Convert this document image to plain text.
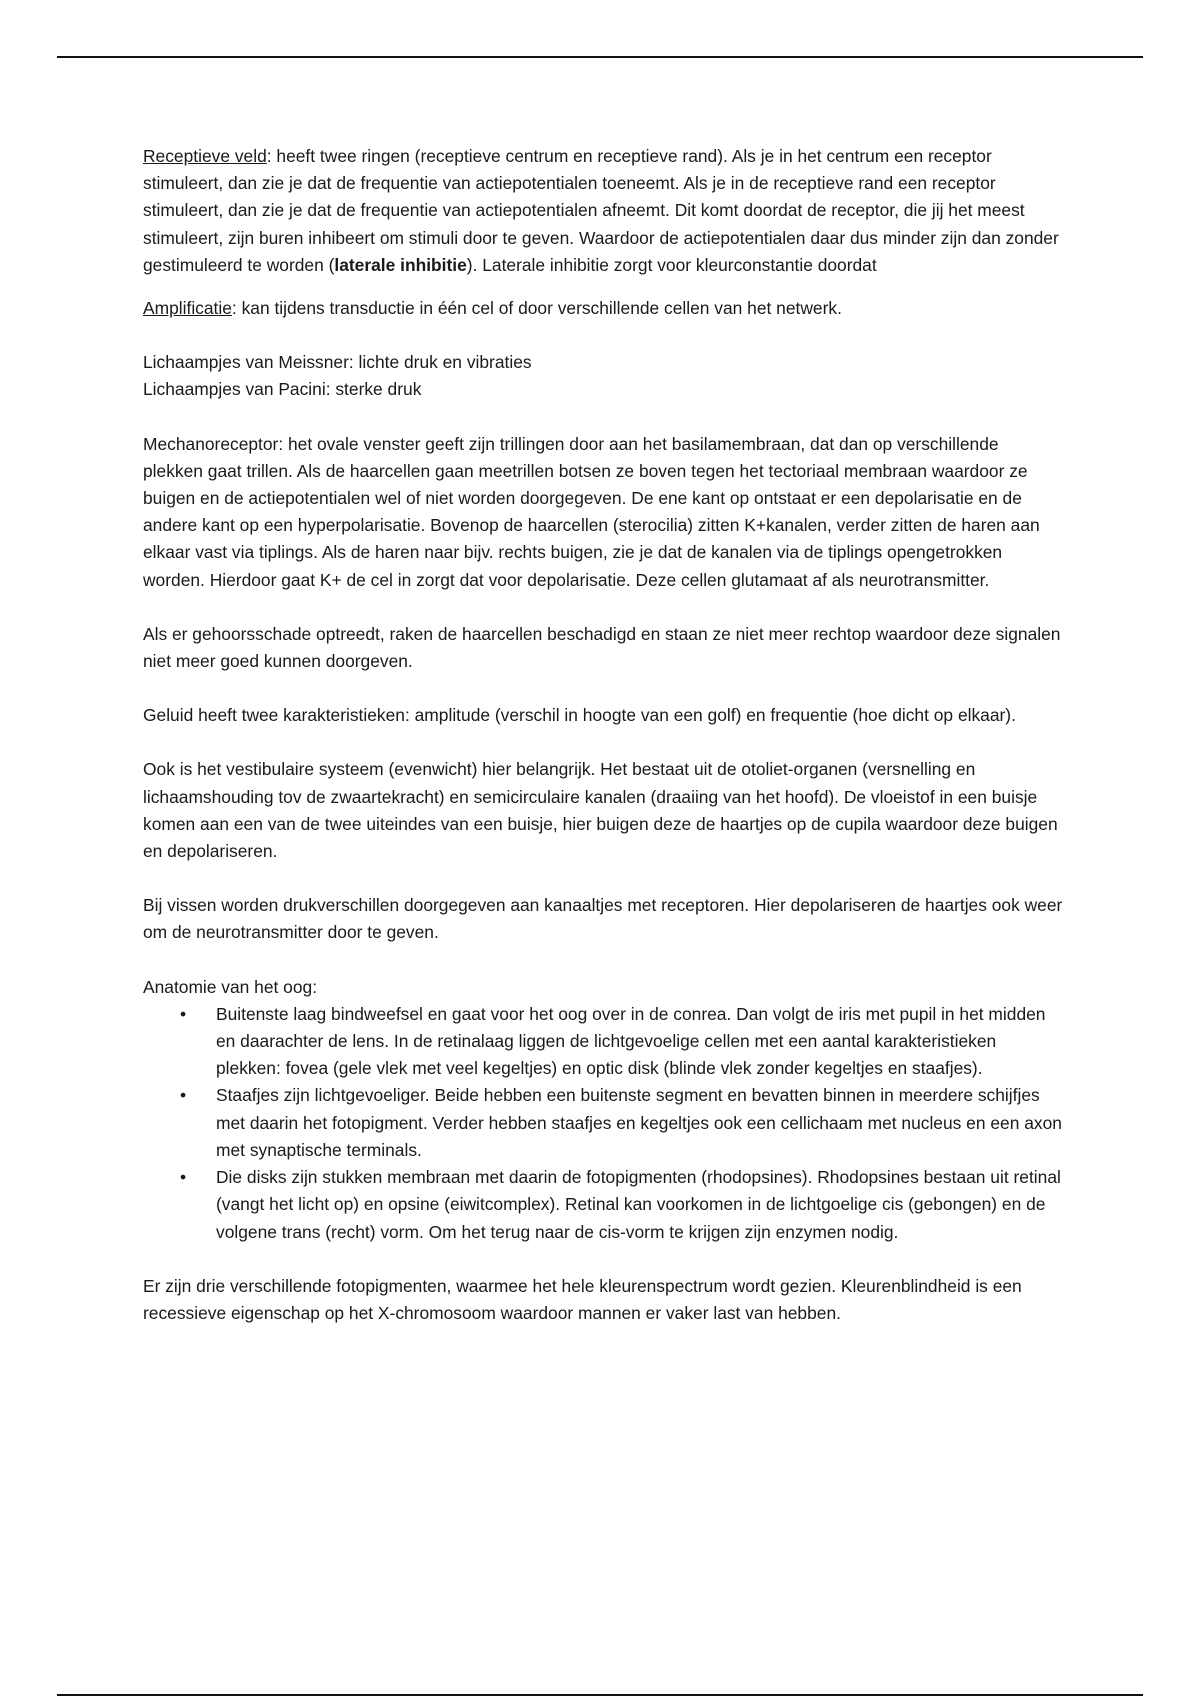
Receptieve veld: heeft twee ringen (receptieve centrum en receptieve rand). Als je in het centrum een receptor stimuleert, dan zie je dat de frequentie van actiepotentialen toeneemt. Als je in de receptieve rand een receptor stimuleert, dan zie je dat de frequentie van actiepotentialen afneemt. Dit komt doordat de receptor, die jij het meest stimuleert, zijn buren inhibeert om stimuli door te geven. Waardoor de actiepotentialen daar dus minder zijn dan zonder gestimuleerd te worden (laterale inhibitie). Laterale inhibitie zorgt voor kleurconstantie doordat

Amplificatie: kan tijdens transductie in één cel of door verschillende cellen van het netwerk.

Lichaampjes van Meissner: lichte druk en vibraties

Lichaampjes van Pacini: sterke druk

Mechanoreceptor: het ovale venster geeft zijn trillingen door aan het basilamembraan, dat dan op verschillende plekken gaat trillen. Als de haarcellen gaan meetrillen botsen ze boven tegen het tectoriaal membraan waardoor ze buigen en de actiepotentialen wel of niet worden doorgegeven. De ene kant op ontstaat er een depolarisatie en de andere kant op een hyperpolarisatie. Bovenop de haarcellen (sterocilia) zitten K+kanalen, verder zitten de haren aan elkaar vast via tiplings. Als de haren naar bijv. rechts buigen, zie je dat de kanalen via de tiplings opengetrokken worden. Hierdoor gaat K+ de cel in zorgt dat voor depolarisatie. Deze cellen glutamaat af als neurotransmitter.

Als er gehoorsschade optreedt, raken de haarcellen beschadigd en staan ze niet meer rechtop waardoor deze signalen niet meer goed kunnen doorgeven.

Geluid heeft twee karakteristieken: amplitude (verschil in hoogte van een golf) en frequentie (hoe dicht op elkaar).

Ook is het vestibulaire systeem (evenwicht) hier belangrijk. Het bestaat uit de otoliet-organen (versnelling en lichaamshouding tov de zwaartekracht) en semicirculaire kanalen (draaiing van het hoofd). De vloeistof in een buisje komen aan een van de twee uiteindes van een buisje, hier buigen deze de haartjes op de cupila waardoor deze buigen en depolariseren.

Bij vissen worden drukverschillen doorgegeven aan kanaaltjes met receptoren. Hier depolariseren de haartjes ook weer om de neurotransmitter door te geven.

Anatomie van het oog:

• Buitenste laag bindweefsel en gaat voor het oog over in de conrea. Dan volgt de iris met pupil in het midden en daarachter de lens. In de retinalaag liggen de lichtgevoelige cellen met een aantal karakteristieken plekken: fovea (gele vlek met veel kegeltjes) en optic disk (blinde vlek zonder kegeltjes en staafjes).
• Staafjes zijn lichtgevoeliger. Beide hebben een buitenste segment en bevatten binnen in meerdere schijfjes met daarin het fotopigment. Verder hebben staafjes en kegeltjes ook een cellichaam met nucleus en een axon met synaptische terminals.
• Die disks zijn stukken membraan met daarin de fotopigmenten (rhodopsines). Rhodopsines bestaan uit retinal (vangt het licht op) en opsine (eiwitcomplex). Retinal kan voorkomen in de lichtgoelige cis (gebongen) en de volgene trans (recht) vorm. Om het terug naar de cis-vorm te krijgen zijn enzymen nodig.

Er zijn drie verschillende fotopigmenten, waarmee het hele kleurenspectrum wordt gezien. Kleurenblindheid is een recessieve eigenschap op het X-chromosoom waardoor mannen er vaker last van hebben.
